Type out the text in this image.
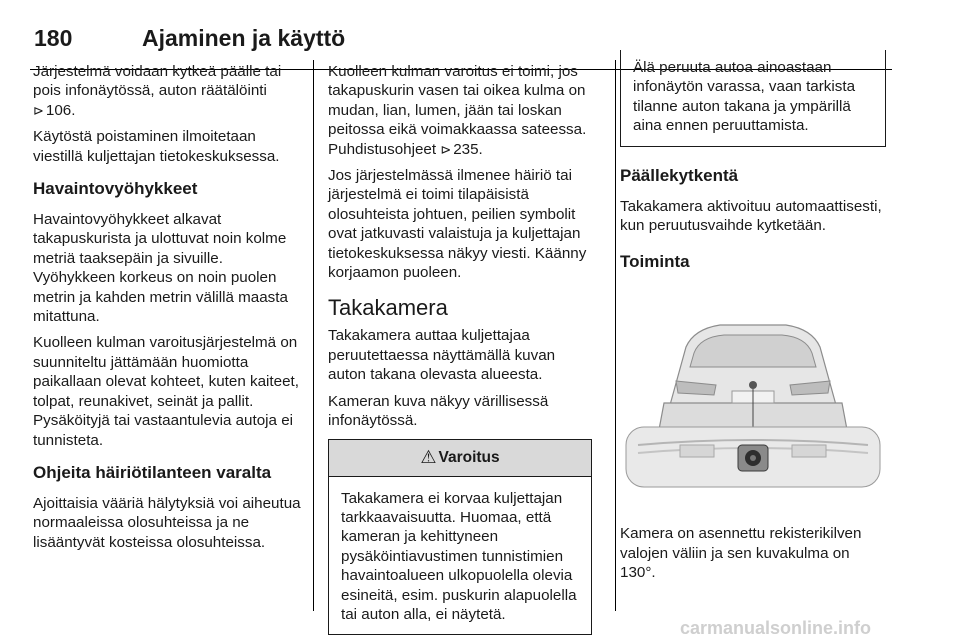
180	Ajaminen ja käyttö

Järjestelmä voidaan kytkeä päälle tai pois infonäytössä, auton räätälöinti ⊳ 106.

Käytöstä poistaminen ilmoitetaan viestillä kuljettajan tietokeskuksessa.

Havaintovyöhykkeet

Havaintovyöhykkeet alkavat takapuskurista ja ulottuvat noin kolme metriä taaksepäin ja sivuille. Vyöhykkeen korkeus on noin puolen metrin ja kahden metrin välillä maasta mitattuna.

Kuolleen kulman varoitusjärjestelmä on suunniteltu jättämään huomiotta paikallaan olevat kohteet, kuten kaiteet, tolpat, reunakivet, seinät ja pallit. Pysäköityjä tai vastaantulevia autoja ei tunnisteta.

Ohjeita häiriötilanteen varalta

Ajoittaisia vääriä hälytyksiä voi aiheutua normaaleissa olosuhteissa ja ne lisääntyvät kosteissa olosuhteissa.

Kuolleen kulman varoitus ei toimi, jos takapuskurin vasen tai oikea kulma on mudan, lian, lumen, jään tai loskan peitossa eikä voimakkaassa sateessa. Puhdistusohjeet ⊳ 235.

Jos järjestelmässä ilmenee häiriö tai järjestelmä ei toimi tilapäisistä olosuhteista johtuen, peilien symbolit ovat jatkuvasti valaistuja ja kuljettajan tietokeskuksessa näkyy viesti. Käänny korjaamon puoleen.

Takakamera

Takakamera auttaa kuljettajaa peruutettaessa näyttämällä kuvan auton takana olevasta alueesta.

Kameran kuva näkyy värillisessä infonäytössä.

⚠ Varoitus

Takakamera ei korvaa kuljettajan tarkkaavaisuutta. Huomaa, että kameran ja kehittyneen pysäköintiavustimen tunnistimien havaintoalueen ulkopuolella olevia esineitä, esim. puskurin alapuolella tai auton alla, ei näytetä.

Älä peruuta autoa ainoastaan infonäytön varassa, vaan tarkista tilanne auton takana ja ympärillä aina ennen peruuttamista.

Päällekytkentä

Takakamera aktivoituu automaattisesti, kun peruutusvaihde kytketään.

Toiminta

Kamera on asennettu rekisterikilven valojen väliin ja sen kuvakulma on 130°.

carmanualsonline.info
